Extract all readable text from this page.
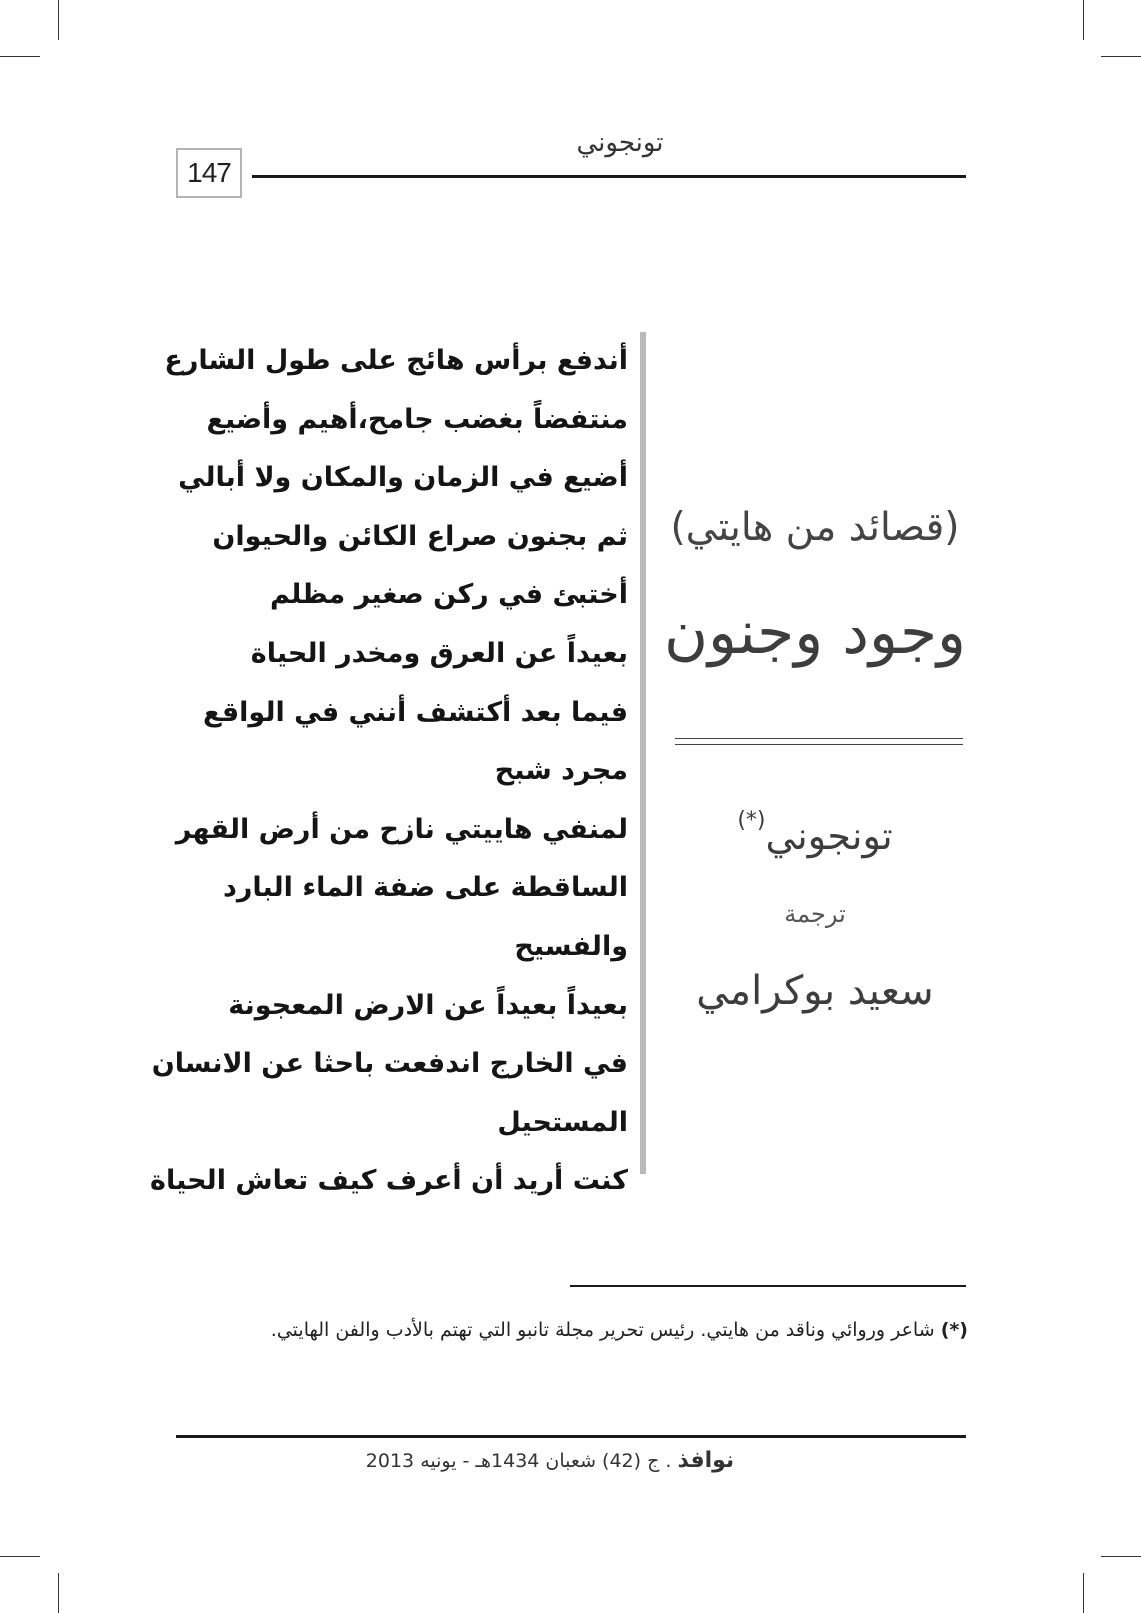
تونجوني
147
أندفع برأس هائج على طول الشارع
منتفضاً بغضب جامح،أهيم وأضيع
أضيع في الزمان والمكان ولا أبالي
ثم بجنون صراع الكائن والحيوان
أختبئ في ركن صغير مظلم
بعيداً عن العرق ومخدر الحياة
فيما بعد أكتشف أنني في الواقع
مجرد شبح
لمنفي هاييتي نازح من أرض القهر
الساقطة على ضفة الماء البارد
والفسيح
بعيداً بعيداً عن الارض المعجونة
في الخارج اندفعت باحثا عن الانسان
المستحيل
كنت أريد أن أعرف كيف تعاش الحياة
(قصائد من هايتي)
وجود وجنون
تونجوني(*)
ترجمة
سعيد بوكرامي
(*) شاعر وروائي وناقد من هايتي. رئيس تحرير مجلة تانبو التي تهتم بالأدب والفن الهايتي.
نوافذ . ج (42) شعبان 1434هـ - يونيه 2013
